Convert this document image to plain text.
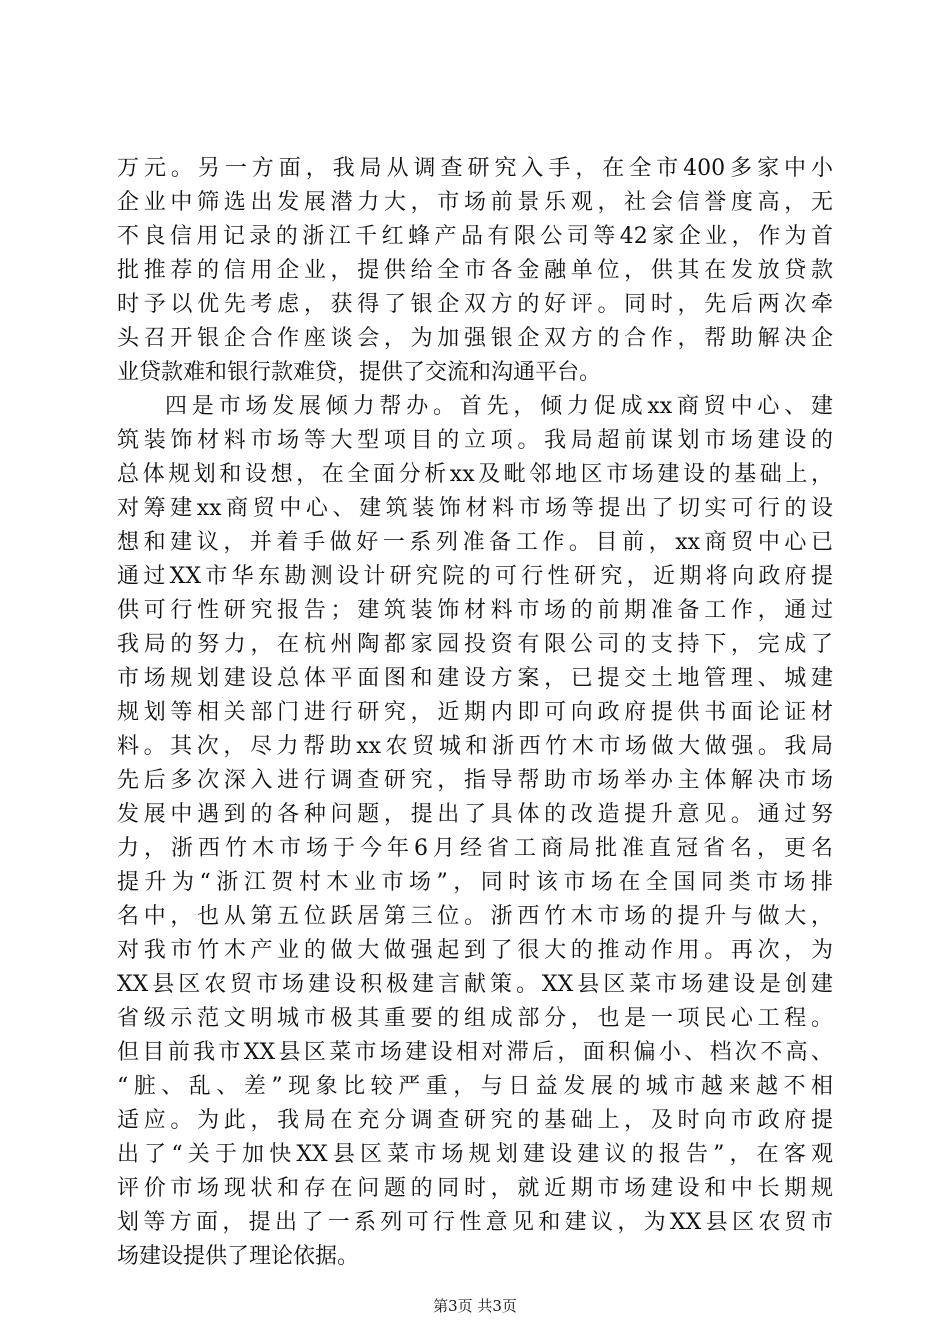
万元。另一方面，我局从调查研究入手，在全市400多家中小
企业中筛选出发展潜力大，市场前景乐观，社会信誉度高，无
不良信用记录的浙江千红蜂产品有限公司等42家企业，作为首
批推荐的信用企业，提供给全市各金融单位，供其在发放贷款
时予以优先考虑，获得了银企双方的好评。同时，先后两次牵
头召开银企合作座谈会，为加强银企双方的合作，帮助解决企
业贷款难和银行款难贷，提供了交流和沟通平台。
四是市场发展倾力帮办。首先，倾力促成xx商贸中心、建
筑装饰材料市场等大型项目的立项。我局超前谋划市场建设的
总体规划和设想，在全面分析xx及毗邻地区市场建设的基础上，
对筹建xx商贸中心、建筑装饰材料市场等提出了切实可行的设
想和建议，并着手做好一系列准备工作。目前，xx商贸中心已
通过XX市华东勘测设计研究院的可行性研究，近期将向政府提
供可行性研究报告；建筑装饰材料市场的前期准备工作，通过
我局的努力，在杭州陶都家园投资有限公司的支持下，完成了
市场规划建设总体平面图和建设方案，已提交土地管理、城建
规划等相关部门进行研究，近期内即可向政府提供书面论证材
料。其次，尽力帮助xx农贸城和浙西竹木市场做大做强。我局
先后多次深入进行调查研究，指导帮助市场举办主体解决市场
发展中遇到的各种问题，提出了具体的改造提升意见。通过努
力，浙西竹木市场于今年6月经省工商局批准直冠省名，更名
提升为“浙江贺村木业市场”，同时该市场在全国同类市场排
名中，也从第五位跃居第三位。浙西竹木市场的提升与做大，
对我市竹木产业的做大做强起到了很大的推动作用。再次，为
XX县区农贸市场建设积极建言献策。XX县区菜市场建设是创建
省级示范文明城市极其重要的组成部分，也是一项民心工程。
但目前我市XX县区菜市场建设相对滞后，面积偏小、档次不高、
“脏、乱、差”现象比较严重，与日益发展的城市越来越不相
适应。为此，我局在充分调查研究的基础上，及时向市政府提
出了“关于加快XX县区菜市场规划建设建议的报告”，在客观
评价市场现状和存在问题的同时，就近期市场建设和中长期规
划等方面，提出了一系列可行性意见和建议，为XX县区农贸市
场建设提供了理论依据。
第3页 共3页
